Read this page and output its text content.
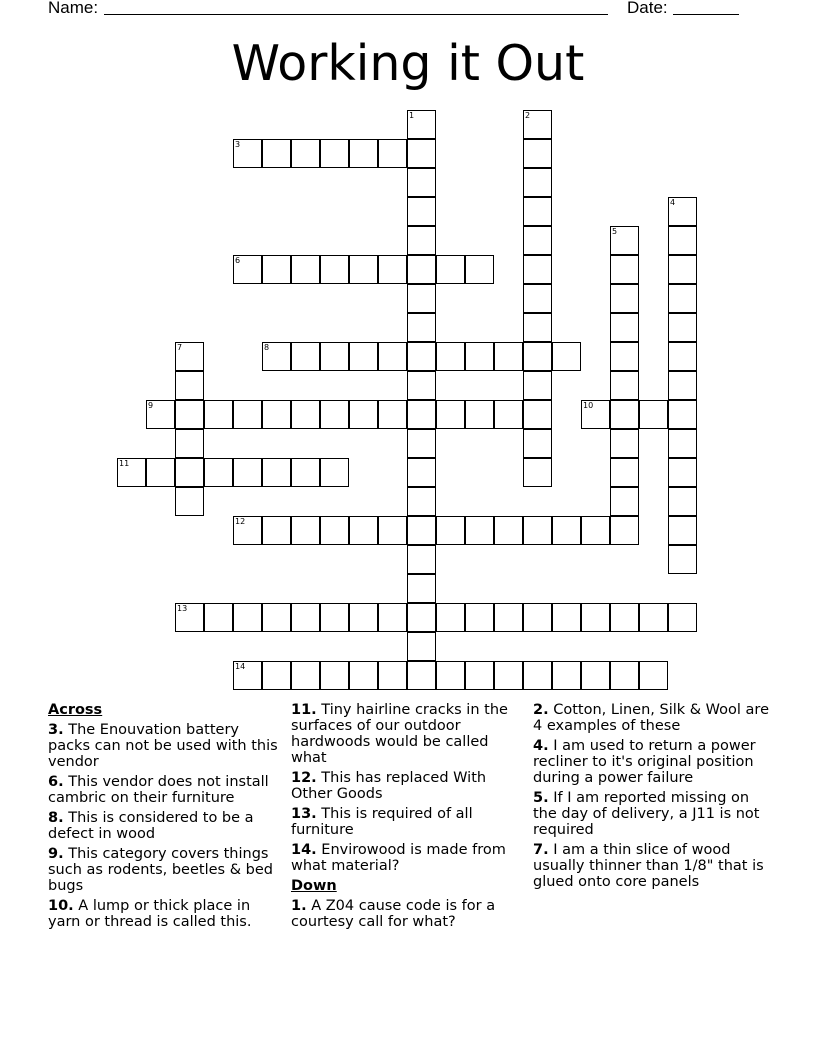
Name:	Date:
Working it Out
1	2
3
4
5
6
7	8
9	10
11
12
13
14
Across
3. The Enouvation battery packs can not be used with this vendor
6. This vendor does not install cambric on their furniture
8. This is considered to be a defect in wood
9. This category covers things such as rodents, beetles & bed bugs
10. A lump or thick place in yarn or thread is called this.
11. Tiny hairline cracks in the surfaces of our outdoor hardwoods would be called what
12. This has replaced With Other Goods
13. This is required of all furniture
14. Envirowood is made from what material?
Down
1. A Z04 cause code is for a courtesy call for what?
2. Cotton, Linen, Silk & Wool are 4 examples of these
4. I am used to return a power recliner to it's original position during a power failure
5. If I am reported missing on the day of delivery, a J11 is not required
7. I am a thin slice of wood usually thinner than 1/8" that is glued onto core panels
